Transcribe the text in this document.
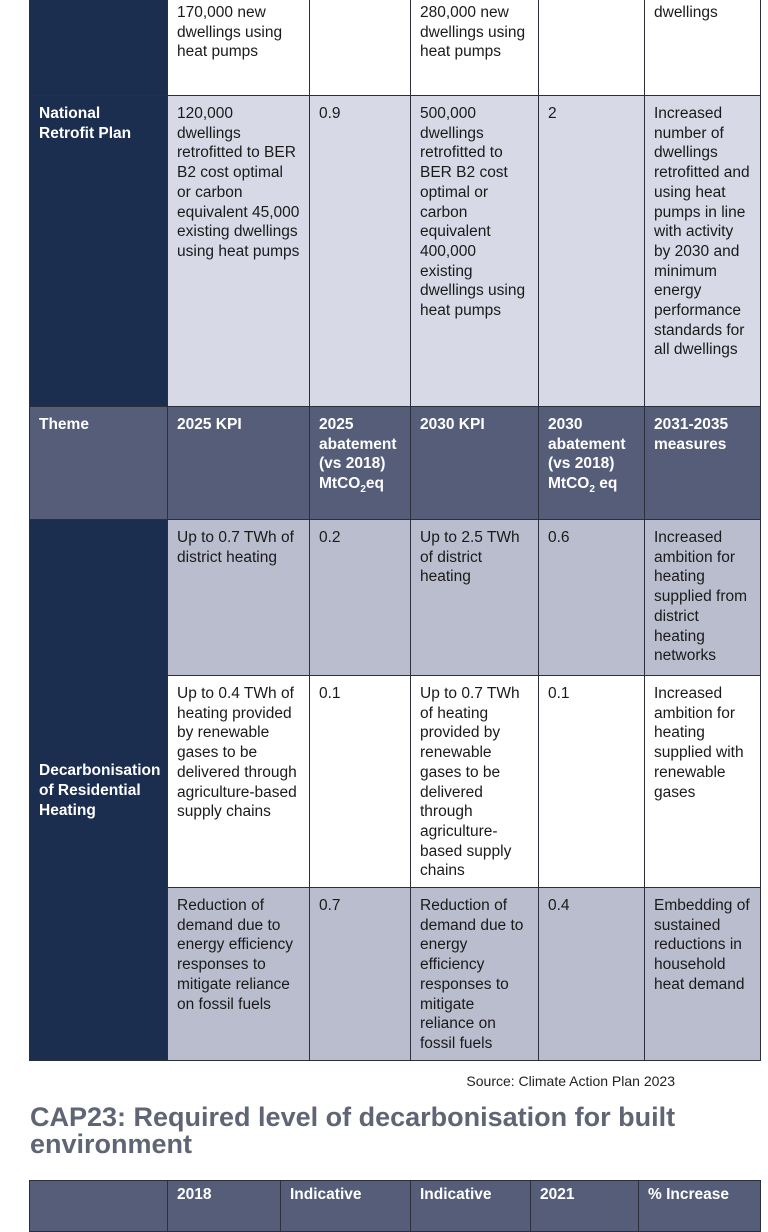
	170,000 new dwellings using heat pumps		280,000 new dwellings using heat pumps		dwellings
National Retrofit Plan	120,000 dwellings retrofitted to BER B2 cost optimal or carbon equivalent 45,000 existing dwellings using heat pumps	0.9	500,000 dwellings retrofitted to BER B2 cost optimal or carbon equivalent 400,000 existing dwellings using heat pumps	2	Increased number of dwellings retrofitted and using heat pumps in line with activity by 2030 and minimum energy performance standards for all dwellings
Theme	2025 KPI	2025 abatement (vs 2018) MtCO$_2$eq	2030 KPI	2030 abatement (vs 2018) MtCO$_2$ eq	2031-2035 measures
Decarbonisation of Residential Heating	Up to 0.7 TWh of district heating	0.2	Up to 2.5 TWh of district heating	0.6	Increased ambition for heating supplied from district heating networks
	Up to 0.4 TWh of heating provided by renewable gases to be delivered through agriculture-based supply chains	0.1	Up to 0.7 TWh of heating provided by renewable gases to be delivered through agriculture-based supply chains	0.1	Increased ambition for heating supplied with renewable gases
	Reduction of demand due to energy efficiency responses to mitigate reliance on fossil fuels	0.7	Reduction of demand due to energy efficiency responses to mitigate reliance on fossil fuels	0.4	Embedding of sustained reductions in household heat demand
Source: Climate Action Plan 2023
CAP23: Required level of decarbonisation for built environment
	2018	Indicative	Indicative	2021	% Increase
